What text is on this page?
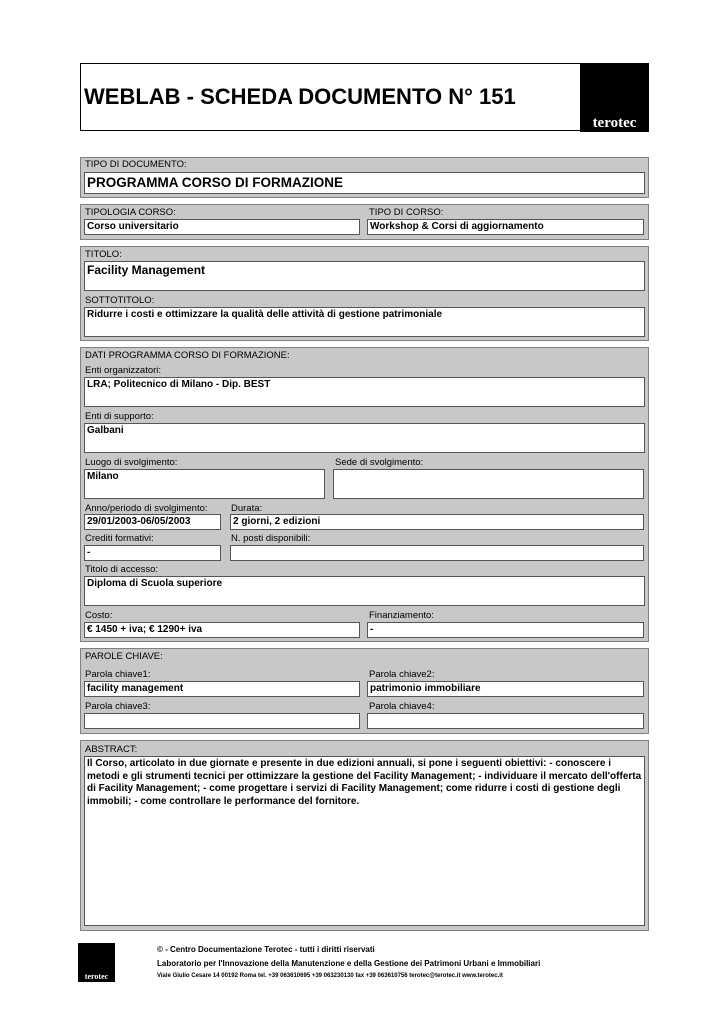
WEBLAB - SCHEDA DOCUMENTO N° 151
terotec
TIPO DI DOCUMENTO:
PROGRAMMA CORSO DI FORMAZIONE
TIPOLOGIA CORSO:
Corso universitario
TIPO DI CORSO:
Workshop & Corsi di aggiornamento
TITOLO:
Facility Management
SOTTOTITOLO:
Ridurre i costi e ottimizzare la qualità delle attività di gestione patrimoniale
DATI PROGRAMMA CORSO DI FORMAZIONE:
Enti organizzatori:
LRA; Politecnico di Milano - Dip. BEST
Enti di supporto:
Galbani
Luogo di svolgimento:
Milano
Sede di svolgimento:
Anno/periodo di svolgimento:
29/01/2003-06/05/2003
Durata:
2 giorni, 2 edizioni
Crediti formativi:
-
N. posti disponibili:
Titolo di accesso:
Diploma di Scuola superiore
Costo:
€ 1450 + iva; € 1290+ iva
Finanziamento:
-
PAROLE CHIAVE:
Parola chiave1:
facility management
Parola chiave2:
patrimonio immobiliare
Parola chiave3:	Parola chiave4:
ABSTRACT:
Il Corso, articolato in due giornate e presente in due edizioni annuali, si pone i seguenti obiettivi: - conoscere i metodi e gli strumenti tecnici per ottimizzare la gestione del Facility Management; - individuare il mercato dell'offerta di Facility Management; - come progettare i servizi di Facility Management; come ridurre i costi di gestione degli immobili; - come controllare le performance del fornitore.
terotec
© - Centro Documentazione Terotec - tutti i diritti riservati
Laboratorio per l'Innovazione della Manutenzione e della Gestione dei Patrimoni Urbani e Immobiliari
Viale Giulio Cesare 14 00192 Roma tel. +39 063610695 +39 063230130 fax +39 063610756 terotec@terotec.it www.terotec.it
